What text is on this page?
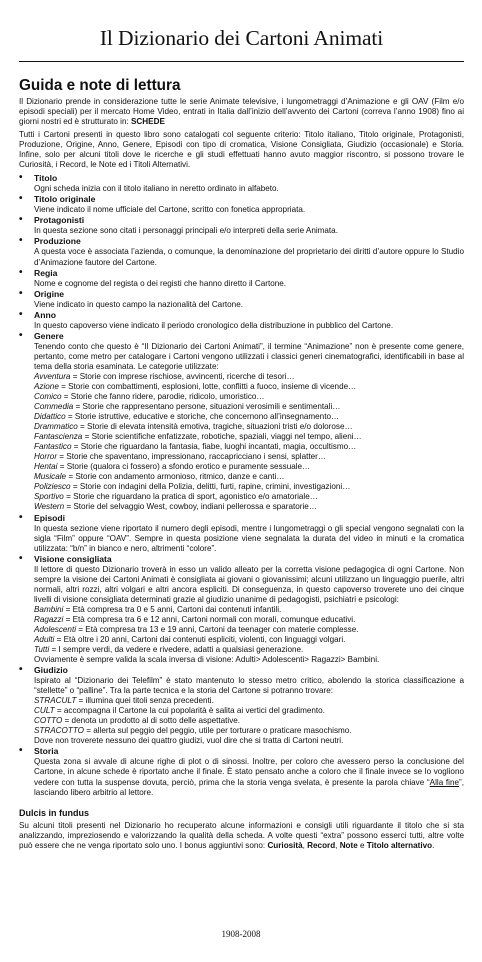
Il Dizionario dei Cartoni Animati
Guida e note di lettura

Il Dizionario prende in considerazione tutte le serie Animate televisive, i lungometraggi d’Animazione e gli OAV (Film e/o episodi speciali) per il mercato Home Video, entrati in Italia dall’inizio dell’avvento dei Cartoni (correva l’anno 1908) fino ai giorni nostri ed è strutturato in: SCHEDE

Tutti i Cartoni presenti in questo libro sono catalogati col seguente criterio: Titolo italiano, Titolo originale, Protagonisti, Produzione, Origine, Anno, Genere, Episodi con tipo di cromatica, Visione Consigliata, Giudizio (occasionale) e Storia. Infine, solo per alcuni titoli dove le ricerche e gli studi effettuati hanno avuto maggior riscontro, si possono trovare le Curiosità, i Record, le Note ed i Titoli Alternativi.

• Titolo
Ogni scheda inizia con il titolo italiano in neretto ordinato in alfabeto.
• Titolo originale
Viene indicato il nome ufficiale del Cartone, scritto con fonetica appropriata.
• Protagonisti
In questa sezione sono citati i personaggi principali e/o interpreti della serie Animata.
• Produzione
A questa voce è associata l’azienda, o comunque, la denominazione del proprietario dei diritti d’autore oppure lo Studio d’Animazione fautore del Cartone.
• Regia
Nome e cognome del regista o dei registi che hanno diretto il Cartone.
• Origine
Viene indicato in questo campo la nazionalità del Cartone.
• Anno
In questo capoverso viene indicato il periodo cronologico della distribuzione in pubblico del Cartone.
• Genere
Tenendo conto che questo è “Il Dizionario dei Cartoni Animati”, il termine “Animazione” non è presente come genere, pertanto, come metro per catalogare i Cartoni vengono utilizzati i classici generi cinematografici, identificabili in base al tema della storia esaminata. Le categorie utilizzate:
Avventura = Storie con imprese rischiose, avvincenti, ricerche di tesori…
Azione = Storie con combattimenti, esplosioni, lotte, conflitti a fuoco, insieme di vicende…
Comico = Storie che fanno ridere, parodie, ridicolo, umoristico…
Commedia = Storie che rappresentano persone, situazioni verosimili e sentimentali…
Didattico = Storie istruttive, educative e storiche, che concernono all’insegnamento…
Drammatico = Storie di elevata intensità emotiva, tragiche, situazioni tristi e/o dolorose…
Fantascienza = Storie scientifiche enfatizzate, robotiche, spaziali, viaggi nel tempo, alieni…
Fantastico = Storie che riguardano la fantasia, fiabe, luoghi incantati, magia, occultismo…
Horror = Storie che spaventano, impressionano, raccapricciano i sensi, splatter…
Hentai = Storie (qualora ci fossero) a sfondo erotico e puramente sessuale…
Musicale = Storie con andamento armonioso, ritmico, danze e canti…
Poliziesco = Storie con indagini della Polizia, delitti, furti, rapine, crimini, investigazioni…
Sportivo = Storie che riguardano la pratica di sport, agonistico e/o amatoriale…
Western = Storie del selvaggio West, cowboy, indiani pellerossa e sparatorie…
• Episodi
In questa sezione viene riportato il numero degli episodi, mentre i lungometraggi o gli special vengono segnalati con la sigla “Film” oppure “OAV”. Sempre in questa posizione viene segnalata la durata del video in minuti e la cromatica utilizzata: “b/n” in bianco e nero, altrimenti “colore”.
• Visione consigliata
Il lettore di questo Dizionario troverà in esso un valido alleato per la corretta visione pedagogica di ogni Cartone. Non sempre la visione dei Cartoni Animati è consigliata ai giovani o giovanissimi; alcuni utilizzano un linguaggio puerile, altri normali, altri rozzi, altri volgari e altri ancora espliciti. Di conseguenza, in questo capoverso troverete uno dei cinque livelli di visione consigliata determinati grazie al giudizio unanime di pedagogisti, psichiatri e psicologi:
Bambini = Età compresa tra 0 e 5 anni, Cartoni dai contenuti infantili.
Ragazzi = Età compresa tra 6 e 12 anni, Cartoni normali con morali, comunque educativi.
Adolescenti = Età compresa tra 13 e 19 anni, Cartoni da teenager con materie complesse.
Adulti = Età oltre i 20 anni, Cartoni dai contenuti espliciti, violenti, con linguaggi volgari.
Tutti = I sempre verdi, da vedere e rivedere, adatti a qualsiasi generazione.
Ovviamente è sempre valida la scala inversa di visione: Adulti> Adolescenti> Ragazzi> Bambini.
• Giudizio
Ispirato al “Dizionario dei Telefilm” è stato mantenuto lo stesso metro critico, abolendo la storica classificazione a “stellette” o “palline”. Tra la parte tecnica e la storia del Cartone si potranno trovare:
STRACULT = illumina quei titoli senza precedenti.
CULT = accompagna il Cartone la cui popolarità è salita ai vertici del gradimento.
COTTO = denota un prodotto al di sotto delle aspettative.
STRACOTTO = allerta sul peggio del peggio, utile per torturare o praticare masochismo.
Dove non troverete nessuno dei quattro giudizi, vuol dire che si tratta di Cartoni neutri.
• Storia
Questa zona si avvale di alcune righe di plot o di sinossi. Inoltre, per coloro che avessero perso la conclusione del Cartone, in alcune schede è riportato anche il finale. È stato pensato anche a coloro che il finale invece se lo vogliono vedere con tutta la suspense dovuta, perciò, prima che la storia venga svelata, è presente la parola chiave “Alla fine”, lasciando libero arbitrio al lettore.
Dulcis in fundus

Su alcuni titoli presenti nel Dizionario ho recuperato alcune informazioni e consigli utili riguardante il titolo che si sta analizzando, impreziosendo e valorizzando la qualità della scheda. A volte questi “extra” possono esserci tutti, altre volte può essere che ne venga riportato solo uno. I bonus aggiuntivi sono: Curiosità, Record, Note e Titolo alternativo.

1908-2008
